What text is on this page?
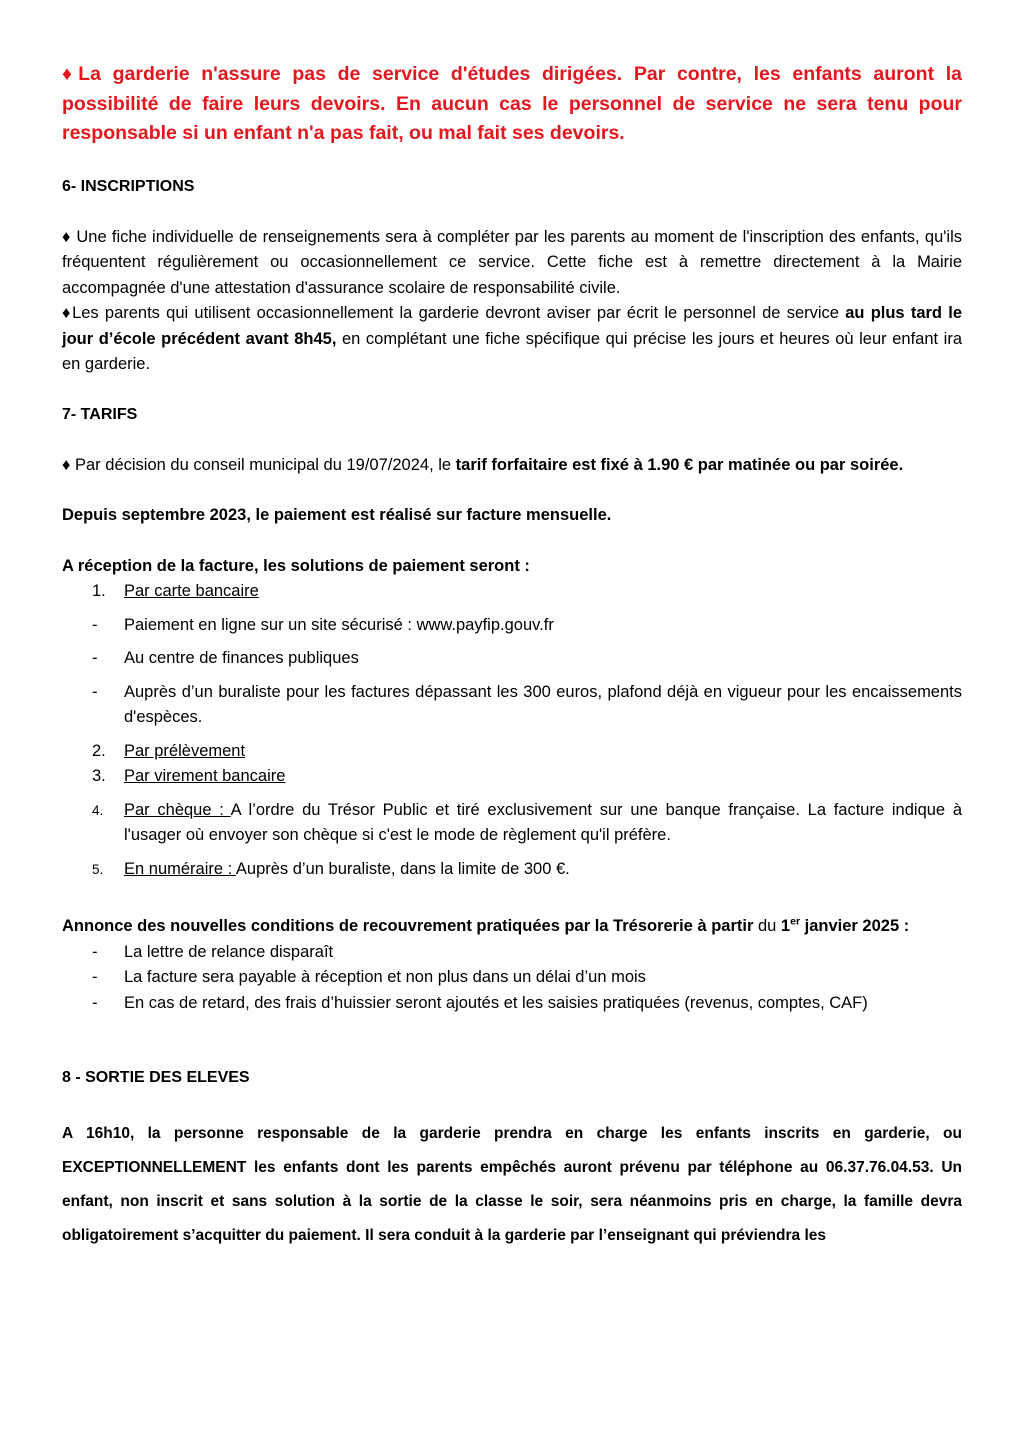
♦La garderie n'assure pas de service d'études dirigées. Par contre, les enfants auront la possibilité de faire leurs devoirs. En aucun cas le personnel de service ne sera tenu pour responsable si un enfant n'a pas fait, ou mal fait ses devoirs.

6- INSCRIPTIONS

♦ Une fiche individuelle de renseignements sera à compléter par les parents au moment de l'inscription des enfants, qu'ils fréquentent régulièrement ou occasionnellement ce service. Cette fiche est à remettre directement à la Mairie accompagnée d'une attestation d'assurance scolaire de responsabilité civile.

♦Les parents qui utilisent occasionnellement la garderie devront aviser par écrit le personnel de service au plus tard le jour d’école précédent avant 8h45, en complétant une fiche spécifique qui précise les jours et heures où leur enfant ira en garderie.

7- TARIFS

♦ Par décision du conseil municipal du 19/07/2024, le tarif forfaitaire est fixé à 1.90 € par matinée ou par soirée.

Depuis septembre 2023, le paiement est réalisé sur facture mensuelle.

A réception de la facture, les solutions de paiement seront :

1.	Par carte bancaire
-	Paiement en ligne sur un site sécurisé : www.payfip.gouv.fr
-	Au centre de finances publiques
-	Auprès d’un buraliste pour les factures dépassant les 300 euros, plafond déjà en vigueur pour les encaissements d'espèces.
2.	Par prélèvement
3.	Par virement bancaire
4.	Par chèque : A l’ordre du Trésor Public et tiré exclusivement sur une banque française. La facture indique à l'usager où envoyer son chèque si c'est le mode de règlement qu'il préfère.
5.	En numéraire : Auprès d’un buraliste, dans la limite de 300 €.

Annonce des nouvelles conditions de recouvrement pratiquées par la Trésorerie à partir du 1er janvier 2025 :

-	La lettre de relance disparaît
-	La facture sera payable à réception et non plus dans un délai d’un mois
-	En cas de retard, des frais d’huissier seront ajoutés et les saisies pratiquées (revenus, comptes, CAF)

8 - SORTIE DES ELEVES

A 16h10, la personne responsable de la garderie prendra en charge les enfants inscrits en garderie, ou EXCEPTIONNELLEMENT les enfants dont les parents empêchés auront prévenu par téléphone au 06.37.76.04.53. Un enfant, non inscrit et sans solution à la sortie de la classe le soir, sera néanmoins pris en charge, la famille devra obligatoirement s’acquitter du paiement. Il sera conduit à la garderie par l’enseignant qui préviendra les
